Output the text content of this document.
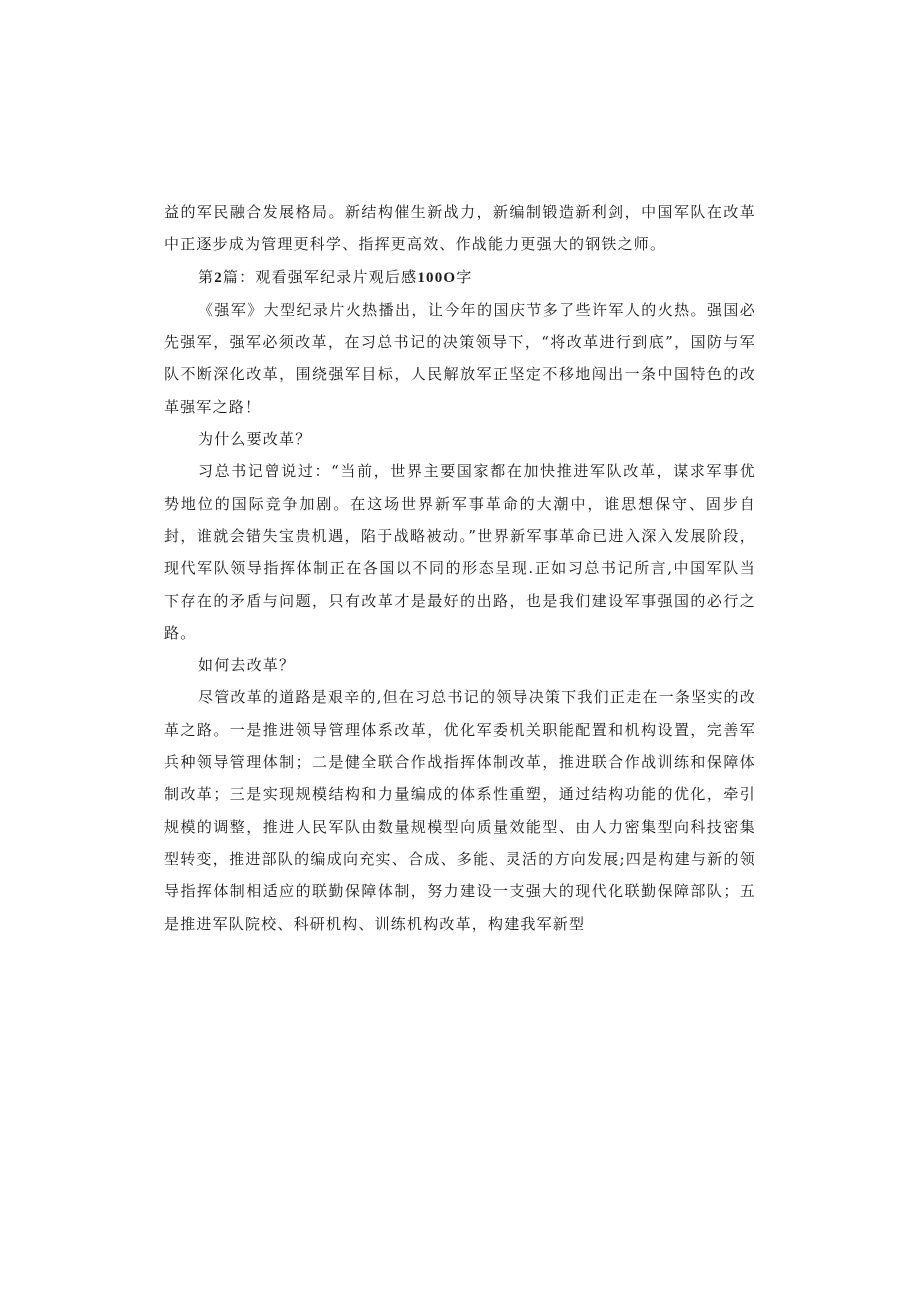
益的军民融合发展格局。新结构催生新战力，新编制锻造新利剑，中国军队在改革中正逐步成为管理更科学、指挥更高效、作战能力更强大的钢铁之师。

第2篇：观看强军纪录片观后感100O字

《强军》大型纪录片火热播出，让今年的国庆节多了些许军人的火热。强国必先强军，强军必须改革，在习总书记的决策领导下，“将改革进行到底”，国防与军队不断深化改革，围绕强军目标，人民解放军正坚定不移地闯出一条中国特色的改革强军之路！

为什么要改革？

习总书记曾说过：“当前，世界主要国家都在加快推进军队改革，谋求军事优势地位的国际竞争加剧。在这场世界新军事革命的大潮中，谁思想保守、固步自封，谁就会错失宝贵机遇，陷于战略被动。”世界新军事革命已进入深入发展阶段，现代军队领导指挥体制正在各国以不同的形态呈现.正如习总书记所言,中国军队当下存在的矛盾与问题，只有改革才是最好的出路，也是我们建设军事强国的必行之路。

如何去改革？

尽管改革的道路是艰辛的,但在习总书记的领导决策下我们正走在一条坚实的改革之路。一是推进领导管理体系改革，优化军委机关职能配置和机构设置，完善军兵种领导管理体制；二是健全联合作战指挥体制改革，推进联合作战训练和保障体制改革；三是实现规模结构和力量编成的体系性重塑，通过结构功能的优化，牵引规模的调整，推进人民军队由数量规模型向质量效能型、由人力密集型向科技密集型转变，推进部队的编成向充实、合成、多能、灵活的方向发展;四是构建与新的领导指挥体制相适应的联勤保障体制，努力建设一支强大的现代化联勤保障部队；五是推进军队院校、科研机构、训练机构改革，构建我军新型
